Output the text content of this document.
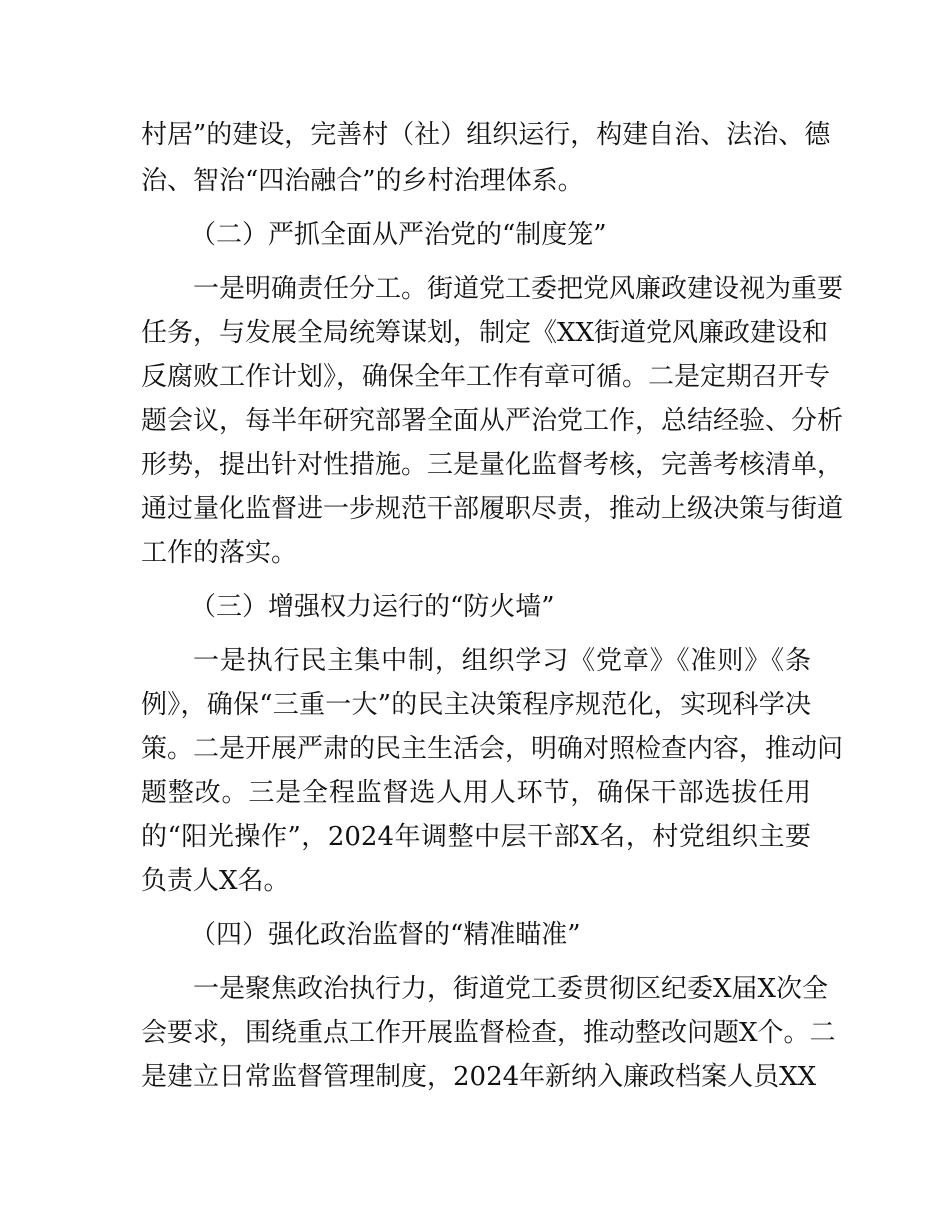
村居”的建设，完善村（社）组织运行，构建自治、法治、德
治、智治“四治融合”的乡村治理体系。
（二）严抓全面从严治党的“制度笼”
一是明确责任分工。街道党工委把党风廉政建设视为重要
任务，与发展全局统筹谋划，制定《XX街道党风廉政建设和
反腐败工作计划》，确保全年工作有章可循。二是定期召开专
题会议，每半年研究部署全面从严治党工作，总结经验、分析
形势，提出针对性措施。三是量化监督考核，完善考核清单，
通过量化监督进一步规范干部履职尽责，推动上级决策与街道
工作的落实。
（三）增强权力运行的“防火墙”
一是执行民主集中制，组织学习《党章》《准则》《条
例》，确保“三重一大”的民主决策程序规范化，实现科学决
策。二是开展严肃的民主生活会，明确对照检查内容，推动问
题整改。三是全程监督选人用人环节，确保干部选拔任用
的“阳光操作”，2024年调整中层干部X名，村党组织主要
负责人X名。
（四）强化政治监督的“精准瞄准”
一是聚焦政治执行力，街道党工委贯彻区纪委X届X次全
会要求，围绕重点工作开展监督检查，推动整改问题X个。二
是建立日常监督管理制度，2024年新纳入廉政档案人员XX
